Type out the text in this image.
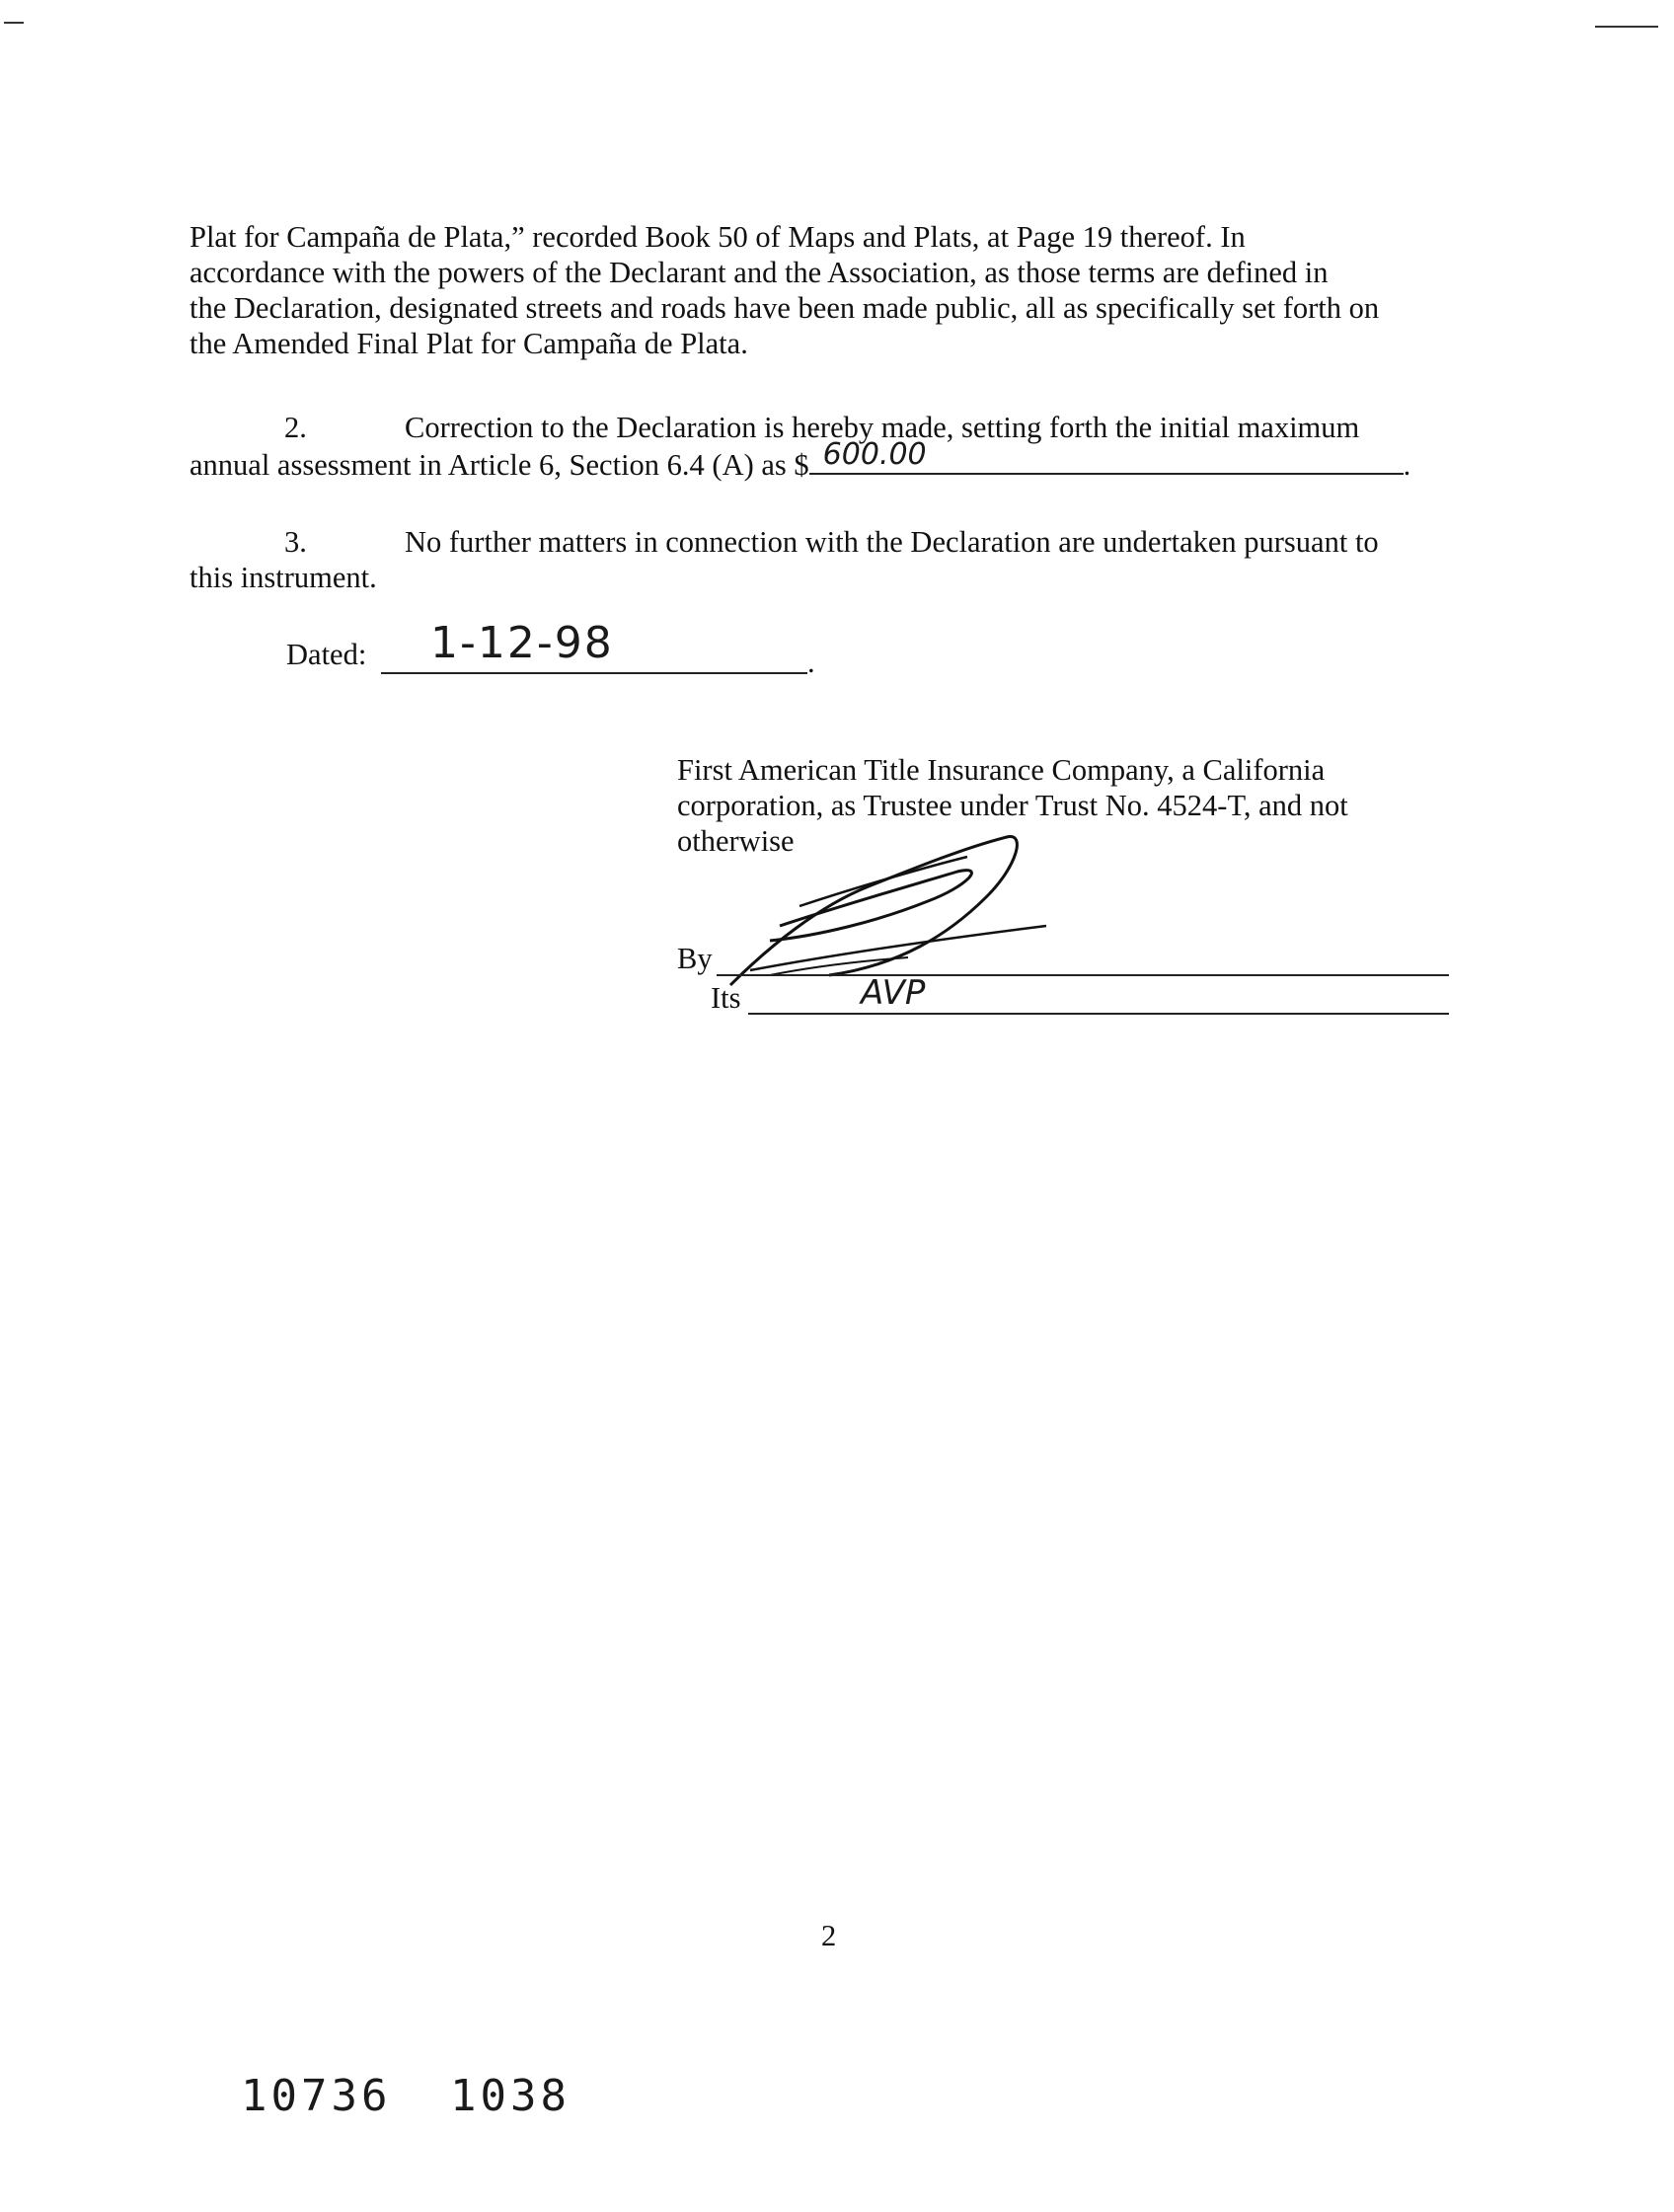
Plat for Campaña de Plata,” recorded Book 50 of Maps and Plats, at Page 19 thereof. In
accordance with the powers of the Declarant and the Association, as those terms are defined in
the Declaration, designated streets and roads have been made public, all as specifically set forth on
the Amended Final Plat for Campaña de Plata.

2.	Correction to the Declaration is hereby made, setting forth the initial maximum
annual assessment in Article 6, Section 6.4 (A) as $ 600.00	.
3.	No further matters in connection with the Declaration are undertaken pursuant to
this instrument.
Dated: 1-12-98	.
First American Title Insurance Company, a California
corporation, as Trustee under Trust No. 4524-T, and not
otherwise
By
Its	AVP
2
10736 1038
